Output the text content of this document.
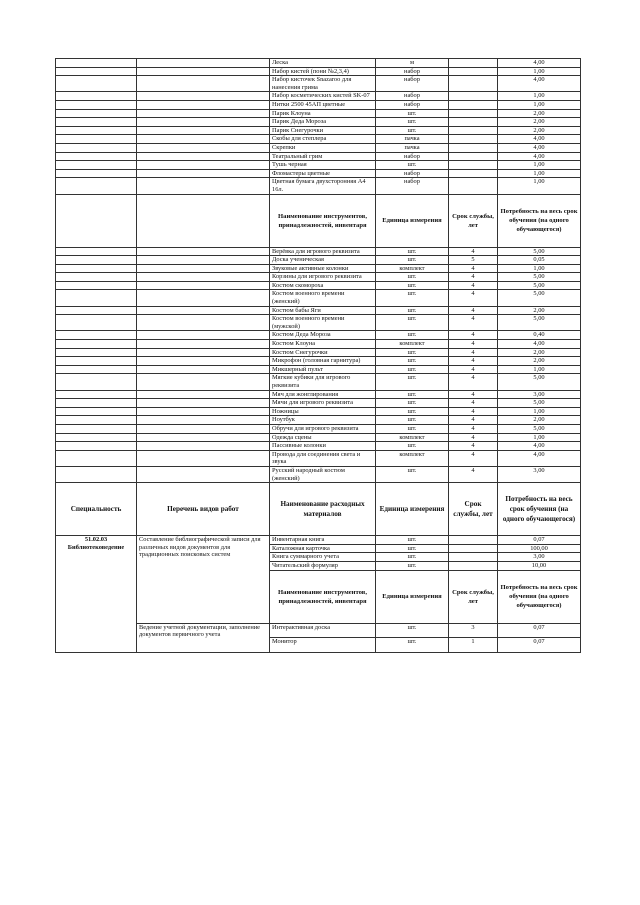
		Леска	м		4,00
		Набор кистей (пони №2,3,4)	набор		1,00
		Набор кисточек Snazaroo для нанесения грима	набор		4,00
		Набор косметических кистей SK-07	набор		1,00
		Нитки 2500 45АП цветные	набор		1,00
		Парик Клоуна	шт.		2,00
		Парик Деда Мороза	шт.		2,00
		Парик Снегурочки	шт.		2,00
		Скобы для степлера	пачка		4,00
		Скрепки	пачка		4,00
		Театральный грим	набор		4,00
		Тушь черная	шт.		1,00
		Фломастеры цветные	набор		1,00
		Цветная бумага двухсторонняя А4 16л.	набор		1,00
		Наименование инструментов, принадлежностей, инвентаря	Единица измерения	Срок службы, лет	Потребность на весь срок обучения (на одного обучающегося)
		Верёвка для игрового реквизита	шт.	4	5,00
		Доска ученическая	шт.	5	0,05
		Звуковые активные колонки	комплект	4	1,00
		Корзины для игрового реквизита	шт.	4	5,00
		Костюм скомороха	шт.	4	5,00
		Костюм военного времени (женский)	шт.	4	5,00
		Костюм бабы Яги	шт.	4	2,00
		Костюм военного времени (мужской)	шт.	4	5,00
		Костюм Деда Мороза	шт.	4	0,40
		Костюм Клоуна	комплект	4	4,00
		Костюм Снегурочки	шт.	4	2,00
		Микрофон (головная гарнитура)	шт.	4	2,00
		Микшерный пульт	шт.	4	1,00
		Мягкие кубики для игрового реквизита	шт.	4	5,00
		Мяч для жонглирования	шт.	4	3,00
		Мячи для игрового реквизита	шт.	4	5,00
		Ножницы	шт.	4	1,00
		Ноутбук	шт.	4	2,00
		Обручи для игрового реквизита	шт.	4	5,00
		Одежда сцены	комплект	4	1,00
		Пассивные колонки	шт.	4	4,00
		Провода для соединения света и звука	комплект	4	4,00
		Русский народный костюм (женский)	шт.	4	3,00
Специальность	Перечень видов работ	Наименование расходных материалов	Единица измерения	Срок службы, лет	Потребность на весь срок обучения (на одного обучающегося)

51.02.03
Библиотековедение	Составление библиографической записи для различных видов документов для традиционных поисковых систем	Инвентарная книга	шт.		0,07
		Каталожная карточка	шт.		100,00
		Книга суммарного учета	шт.		3,00
		Читательский формуляр	шт.		10,00
		Наименование инструментов, принадлежностей, инвентаря	Единица измерения	Срок службы, лет	Потребность на весь срок обучения (на одного обучающегося)
	Ведение учетной документации, заполнение документов первичного учета	Интерактивная доска	шт.	3	0,07
		Монитор	шт.	1	0,07
